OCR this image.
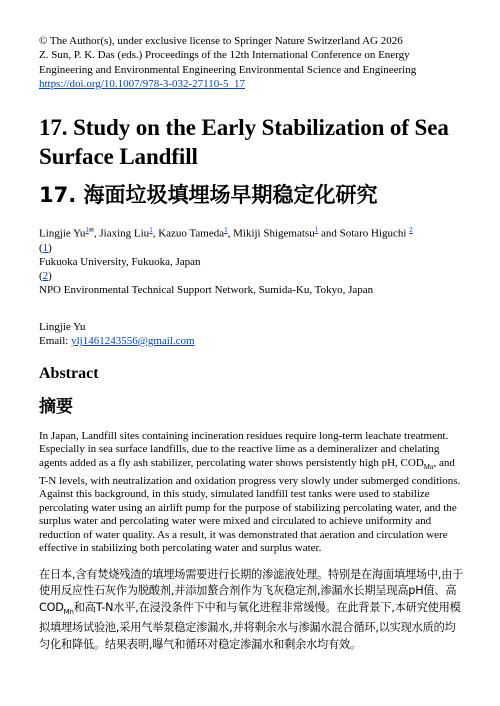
© The Author(s), under exclusive license to Springer Nature Switzerland AG 2026

Z. Sun, P. K. Das (eds.) Proceedings of the 12th International Conference on Energy Engineering and Environmental Engineering Environmental Science and Engineering

https://doi.org/10.1007/978-3-032-27110-5_17

17. Study on the Early Stabilization of Sea Surface Landfill
17. 海面垃圾填埋场早期稳定化研究
Lingjie $Yu^{1✉}$, Jiaxing Liu$^1$, Kazuo Tameda$^1$, Mikiji Shigematsu$^1$ and Sotaro Higuchi $^2$
(1)
Fukuoka University, Fukuoka, Japan
(2)
NPO Environmental Technical Support Network, Sumida-Ku, Tokyo, Japan
Lingjie Yu
Email: ylj1461243556@gmail.com
Abstract
摘要
In Japan, Landfill sites containing incineration residues require long-term leachate treatment. Especially in sea surface landfills, due to the reactive lime as a demineralizer and chelating agents added as a fly ash stabilizer, percolating water shows persistently high pH, $COD_{Mn}$, and T-N levels, with neutralization and oxidation progress very slowly under submerged conditions. Against this background, in this study, simulated landfill test tanks were used to stabilize percolating water using an airlift pump for the purpose of stabilizing percolating water, and the surplus water and percolating water were mixed and circulated to achieve uniformity and reduction of water quality. As a result, it was demonstrated that aeration and circulation were effective in stabilizing both percolating water and surplus water.
在日本,含有焚烧残渣的填埋场需要进行长期的渗滤液处理。特别是在海面填埋场中,由于使用反应性石灰作为脱酸剂,并添加螯合剂作为飞灰稳定剂,渗漏水长期呈现高pH值、高$COD_{Mn}$和高T-N水平,在浸没条件下中和与氧化进程非常缓慢。在此背景下,本研究使用模拟填埋场试验池,采用气举泵稳定渗漏水,并将剩余水与渗漏水混合循环,以实现水质的均匀化和降低。结果表明,曝气和循环对稳定渗漏水和剩余水均有效。
